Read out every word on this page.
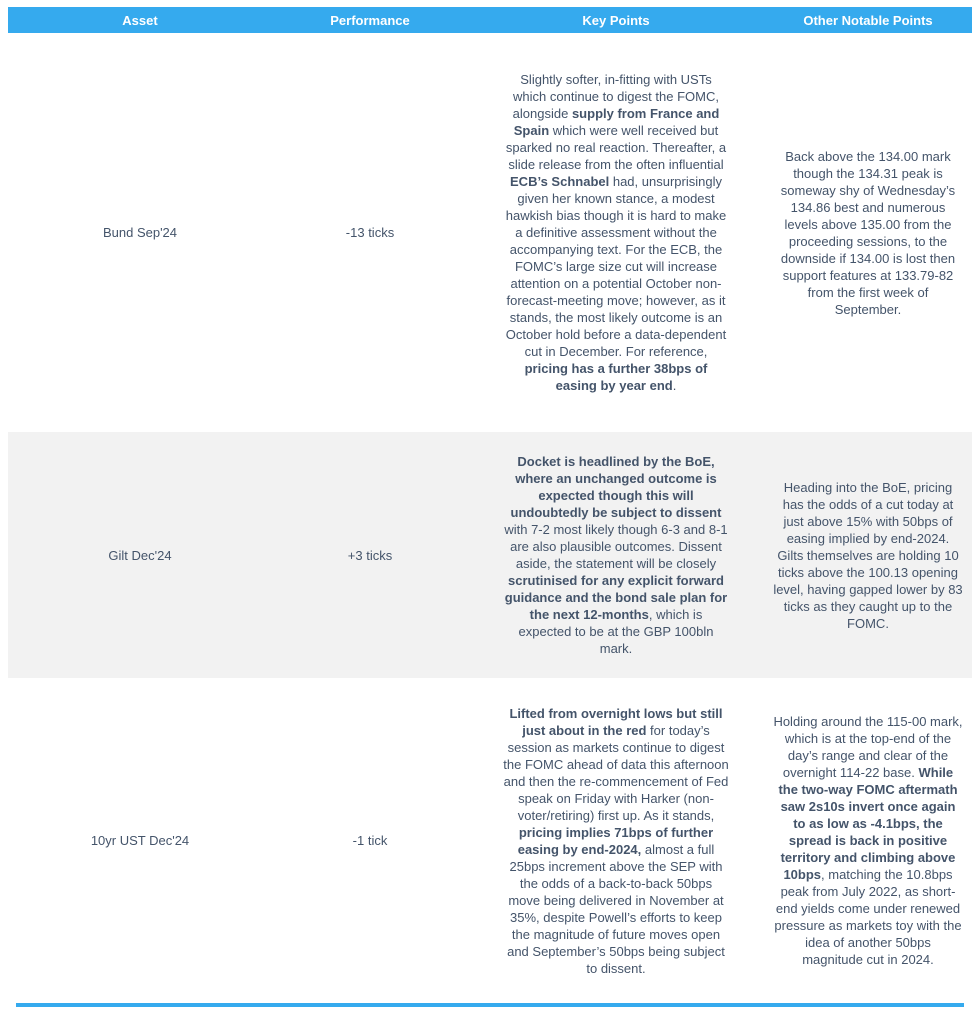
Asset	Performance	Key Points	Other Notable Points
Bund Sep'24	-13 ticks	Slightly softer, in-fitting with USTs which continue to digest the FOMC, alongside supply from France and Spain which were well received but sparked no real reaction. Thereafter, a slide release from the often influential ECB’s Schnabel had, unsurprisingly given her known stance, a modest hawkish bias though it is hard to make a definitive assessment without the accompanying text. For the ECB, the FOMC’s large size cut will increase attention on a potential October non-forecast-meeting move; however, as it stands, the most likely outcome is an October hold before a data-dependent cut in December. For reference, pricing has a further 38bps of easing by year end.	Back above the 134.00 mark though the 134.31 peak is someway shy of Wednesday’s 134.86 best and numerous levels above 135.00 from the proceeding sessions, to the downside if 134.00 is lost then support features at 133.79-82 from the first week of September.
Gilt Dec'24	+3 ticks	Docket is headlined by the BoE, where an unchanged outcome is expected though this will undoubtedly be subject to dissent with 7-2 most likely though 6-3 and 8-1 are also plausible outcomes. Dissent aside, the statement will be closely scrutinised for any explicit forward guidance and the bond sale plan for the next 12-months, which is expected to be at the GBP 100bln mark.	Heading into the BoE, pricing has the odds of a cut today at just above 15% with 50bps of easing implied by end-2024. Gilts themselves are holding 10 ticks above the 100.13 opening level, having gapped lower by 83 ticks as they caught up to the FOMC.
10yr UST Dec'24	-1 tick	Lifted from overnight lows but still just about in the red for today’s session as markets continue to digest the FOMC ahead of data this afternoon and then the re-commencement of Fed speak on Friday with Harker (non-voter/retiring) first up. As it stands, pricing implies 71bps of further easing by end-2024, almost a full 25bps increment above the SEP with the odds of a back-to-back 50bps move being delivered in November at 35%, despite Powell’s efforts to keep the magnitude of future moves open and September’s 50bps being subject to dissent.	Holding around the 115-00 mark, which is at the top-end of the day’s range and clear of the overnight 114-22 base. While the two-way FOMC aftermath saw 2s10s invert once again to as low as -4.1bps, the spread is back in positive territory and climbing above 10bps, matching the 10.8bps peak from July 2022, as short-end yields come under renewed pressure as markets toy with the idea of another 50bps magnitude cut in 2024.
